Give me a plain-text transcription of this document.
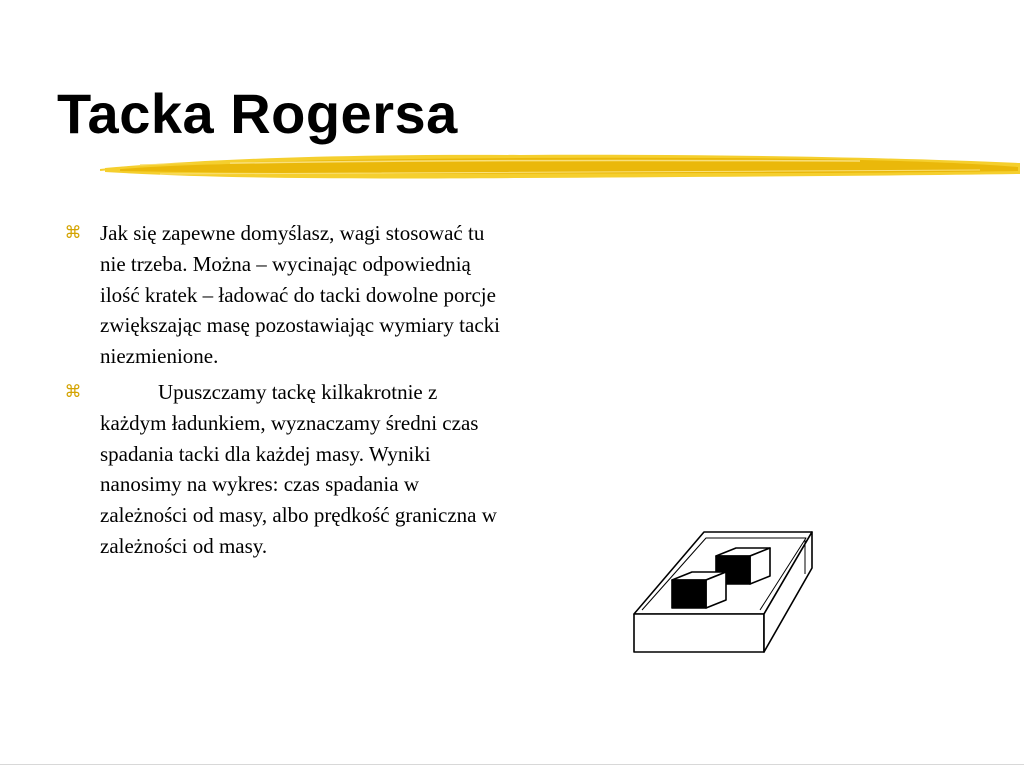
Tacka Rogersa
⌘ Jak się zapewne domyślasz, wagi stosować tu nie trzeba. Można – wycinając odpowiednią ilość kratek – ładować do tacki dowolne porcje zwiększając masę pozostawiając wymiary tacki niezmienione.
⌘	Upuszczamy tackę kilkakrotnie z każdym ładunkiem, wyznaczamy średni czas spadania tacki dla każdej masy. Wyniki nanosimy na wykres: czas spadania w zależności od masy, albo prędkość graniczna w zależności od masy.
